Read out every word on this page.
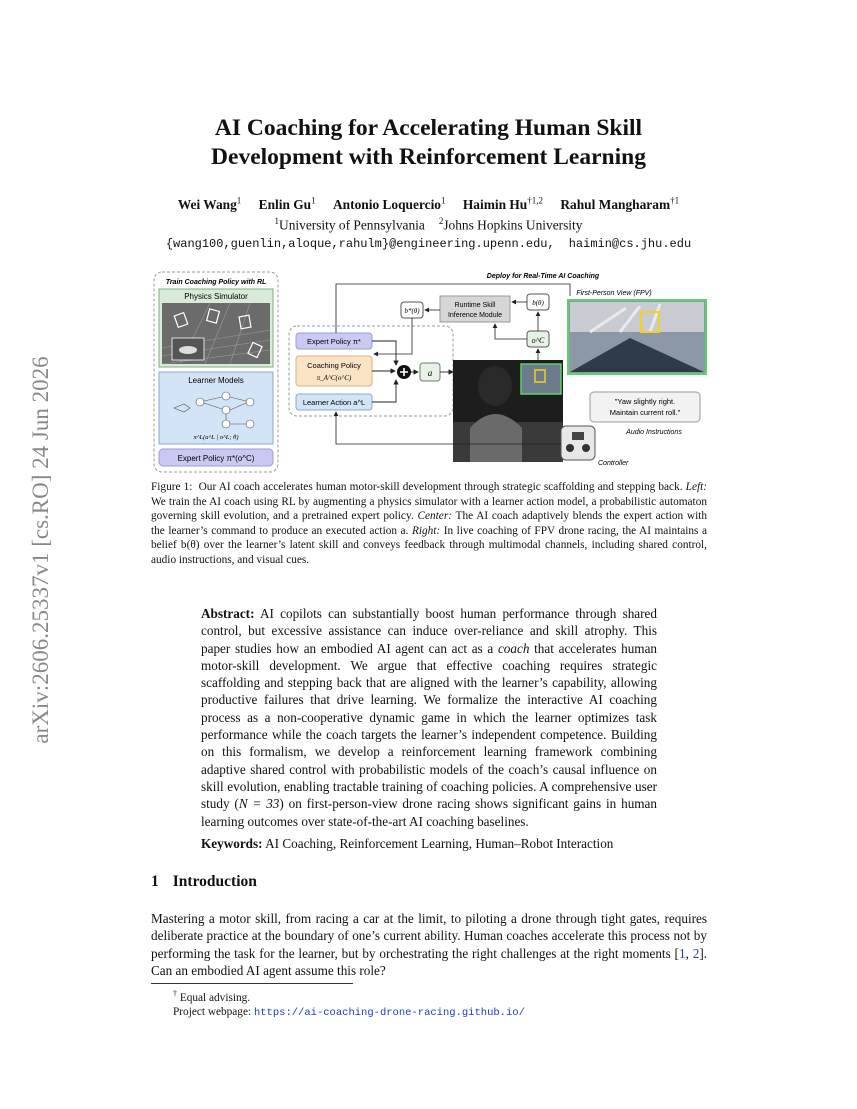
arXiv:2606.25337v1 [cs.RO] 24 Jun 2026
AI Coaching for Accelerating Human Skill
Development with Reinforcement Learning
Wei Wang$^1$ Enlin Gu$^1$ Antonio Loquercio$^1$ Haimin Hu$^{\dagger 1,2}$ Rahul Mangharam$^{\dagger 1}$
$^1$University of Pennsylvania $^2$Johns Hopkins University
{wang100,guenlin,aloque,rahulm}@engineering.upenn.edu, haimin@cs.jhu.edu
Train Coaching Policy with RL
Physics Simulator
Learner Models
π^L(a^L | o^L; θ)
Expert Policy π*(o^C)
Expert Policy π*
Coaching Policy
π_A^C(o^C)
Learner Action a^L
a
Deploy for Real-Time AI Coaching
b*(θ)
Runtime Skill
Inference Module
b(θ)
o^C
First-Person View (FPV)
"Yaw slightly right.
Maintain current roll."
Audio Instructions
Controller
Figure 1: Our AI coach accelerates human motor-skill development through strategic scaffolding and stepping back. Left: We train the AI coach using RL by augmenting a physics simulator with a learner action model, a probabilistic automaton governing skill evolution, and a pretrained expert policy. Center: The AI coach adaptively blends the expert action with the learner’s command to produce an executed action a. Right: In live coaching of FPV drone racing, the AI maintains a belief b(θ) over the learner’s latent skill and conveys feedback through multimodal channels, including shared control, audio instructions, and visual cues.
Abstract: AI copilots can substantially boost human performance through shared control, but excessive assistance can induce over-reliance and skill atrophy. This paper studies how an embodied AI agent can act as a coach that accelerates human motor-skill development. We argue that effective coaching requires strategic scaffolding and stepping back that are aligned with the learner’s capability, allowing productive failures that drive learning. We formalize the interactive AI coaching process as a non-cooperative dynamic game in which the learner optimizes task performance while the coach targets the learner’s independent competence. Building on this formalism, we develop a reinforcement learning framework combining adaptive shared control with probabilistic models of the coach’s causal influence on skill evolution, enabling tractable training of coaching policies. A comprehensive user study (N = 33) on first-person-view drone racing shows significant gains in human learning outcomes over state-of-the-art AI coaching baselines.
Keywords: AI Coaching, Reinforcement Learning, Human–Robot Interaction
1 Introduction
Mastering a motor skill, from racing a car at the limit, to piloting a drone through tight gates, requires deliberate practice at the boundary of one’s current ability. Human coaches accelerate this process not by performing the task for the learner, but by orchestrating the right challenges at the right moments [1, 2]. Can an embodied AI agent assume this role?
† Equal advising.
Project webpage: https://ai-coaching-drone-racing.github.io/
